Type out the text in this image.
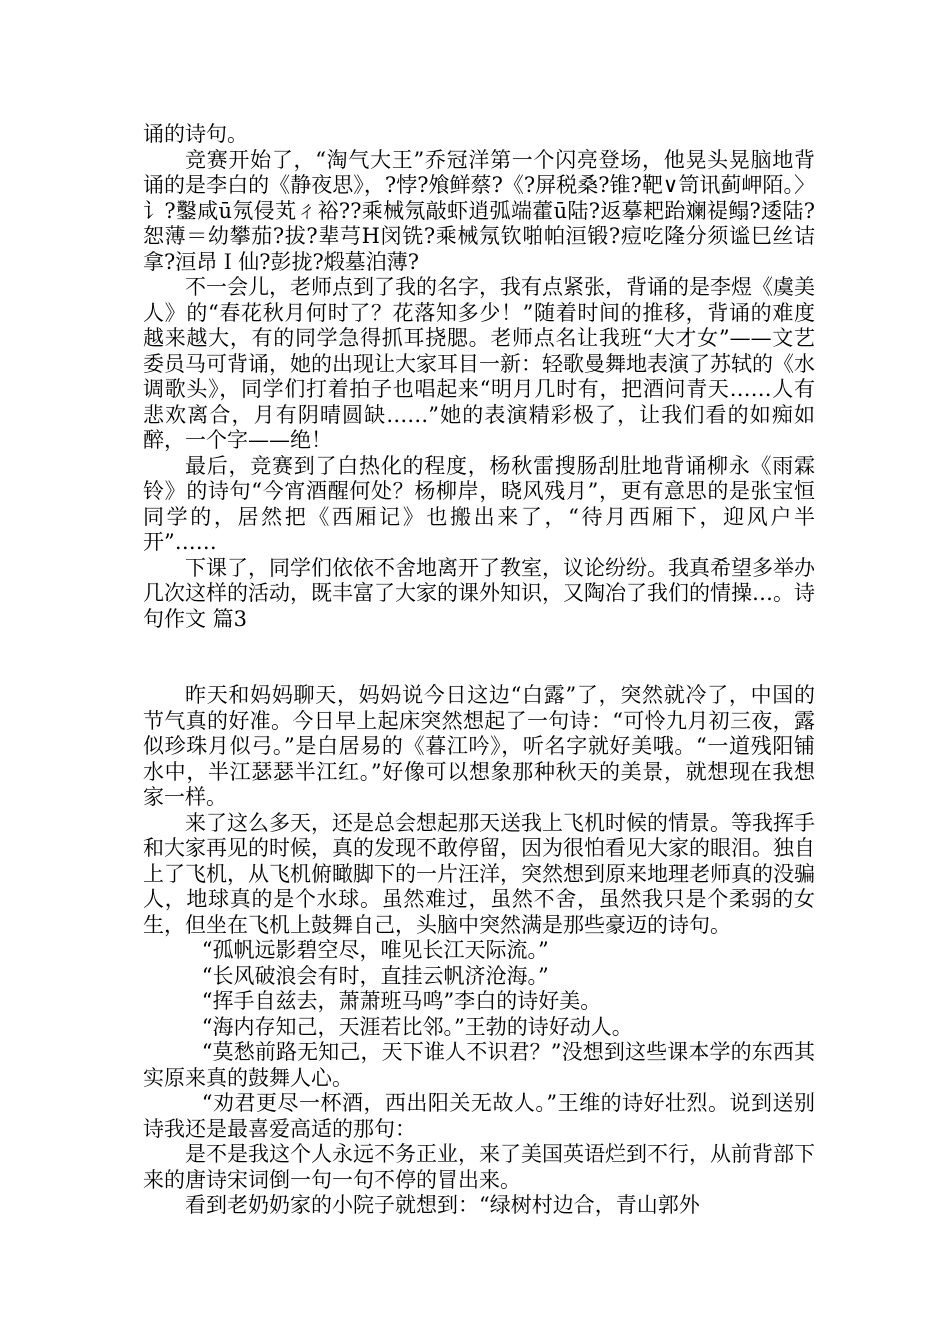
诵的诗句。

竞赛开始了，“淘气大王”乔冠洋第一个闪亮登场，他晃头晃脑地背诵的是李白的《静夜思》，?悖?飧鲜蔡?《?屏税桑?锥?靶∨笥讯蓟岬陌。〉讠?鑿咸ū氖侵芄ㄔ裕??乘械氖敲虾逍弧端藿ū陆?返摹耙跆斓禔鳎?逶陆?恕薄＝幼攀茄?拔?辈芎Η闵铣?乘械氖钦啪帕洹锻?痘吃隆分须谧巳丝诘拿?洹昂Ｉ仙?彭拢?煅墓泊薄?

不一会儿，老师点到了我的名字，我有点紧张，背诵的是李煜《虞美人》的“春花秋月何时了？花落知多少！”随着时间的推移，背诵的难度越来越大，有的同学急得抓耳挠腮。老师点名让我班“大才女”——文艺委员马可背诵，她的出现让大家耳目一新：轻歌曼舞地表演了苏轼的《水调歌头》，同学们打着拍子也唱起来“明月几时有，把酒问青天……人有悲欢离合，月有阴晴圆缺……”她的表演精彩极了，让我们看的如痴如醉，一个字——绝！

最后，竞赛到了白热化的程度，杨秋雷搜肠刮肚地背诵柳永《雨霖铃》的诗句“今宵酒醒何处？杨柳岸，晓风残月”，更有意思的是张宝恒同学的，居然把《西厢记》也搬出来了，“待月西厢下，迎风户半开”……

下课了，同学们依依不舍地离开了教室，议论纷纷。我真希望多举办几次这样的活动，既丰富了大家的课外知识，又陶冶了我们的情操…。诗句作文 篇3

昨天和妈妈聊天，妈妈说今日这边“白露”了，突然就冷了，中国的节气真的好准。今日早上起床突然想起了一句诗：“可怜九月初三夜，露似珍珠月似弓。”是白居易的《暮江吟》，听名字就好美哦。“一道残阳铺水中，半江瑟瑟半江红。”好像可以想象那种秋天的美景，就想现在我想家一样。

来了这么多天，还是总会想起那天送我上飞机时候的情景。等我挥手和大家再见的时候，真的发现不敢停留，因为很怕看见大家的眼泪。独自上了飞机，从飞机俯瞰脚下的一片汪洋，突然想到原来地理老师真的没骗人，地球真的是个水球。虽然难过，虽然不舍，虽然我只是个柔弱的女生，但坐在飞机上鼓舞自己，头脑中突然满是那些豪迈的诗句。

“孤帆远影碧空尽，唯见长江天际流。”

“长风破浪会有时，直挂云帆济沧海。”

“挥手自兹去，萧萧班马鸣”李白的诗好美。

“海内存知己，天涯若比邻。”王勃的诗好动人。

“莫愁前路无知己，天下谁人不识君？”没想到这些课本学的东西其实原来真的鼓舞人心。

“劝君更尽一杯酒，西出阳关无故人。”王维的诗好壮烈。说到送别诗我还是最喜爱高适的那句：

是不是我这个人永远不务正业，来了美国英语烂到不行，从前背部下来的唐诗宋词倒一句一句不停的冒出来。

看到老奶奶家的小院子就想到：“绿树村边合，青山郭外
